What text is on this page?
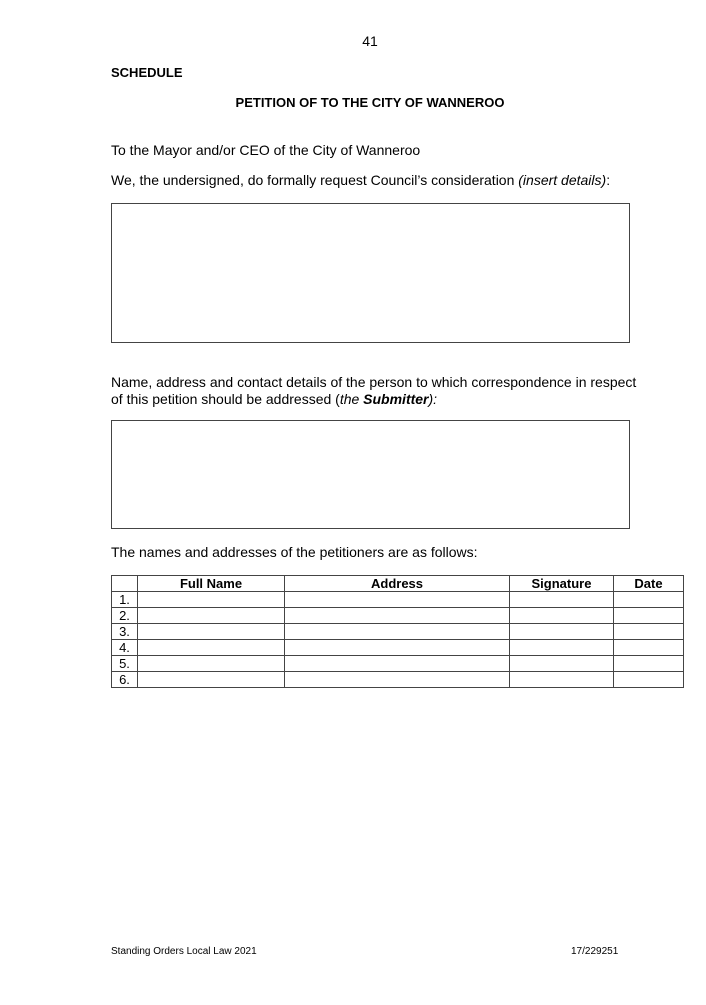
41
SCHEDULE
PETITION OF TO THE CITY OF WANNEROO
To the Mayor and/or CEO of the City of Wanneroo
We, the undersigned, do formally request Council’s consideration (insert details):
Name, address and contact details of the person to which correspondence in respect of this petition should be addressed (the Submitter):
The names and addresses of the petitioners are as follows:
	Full Name	Address	Signature	Date
1.				
2.				
3.				
4.				
5.				
6.				
Standing Orders Local Law 2021	17/229251
